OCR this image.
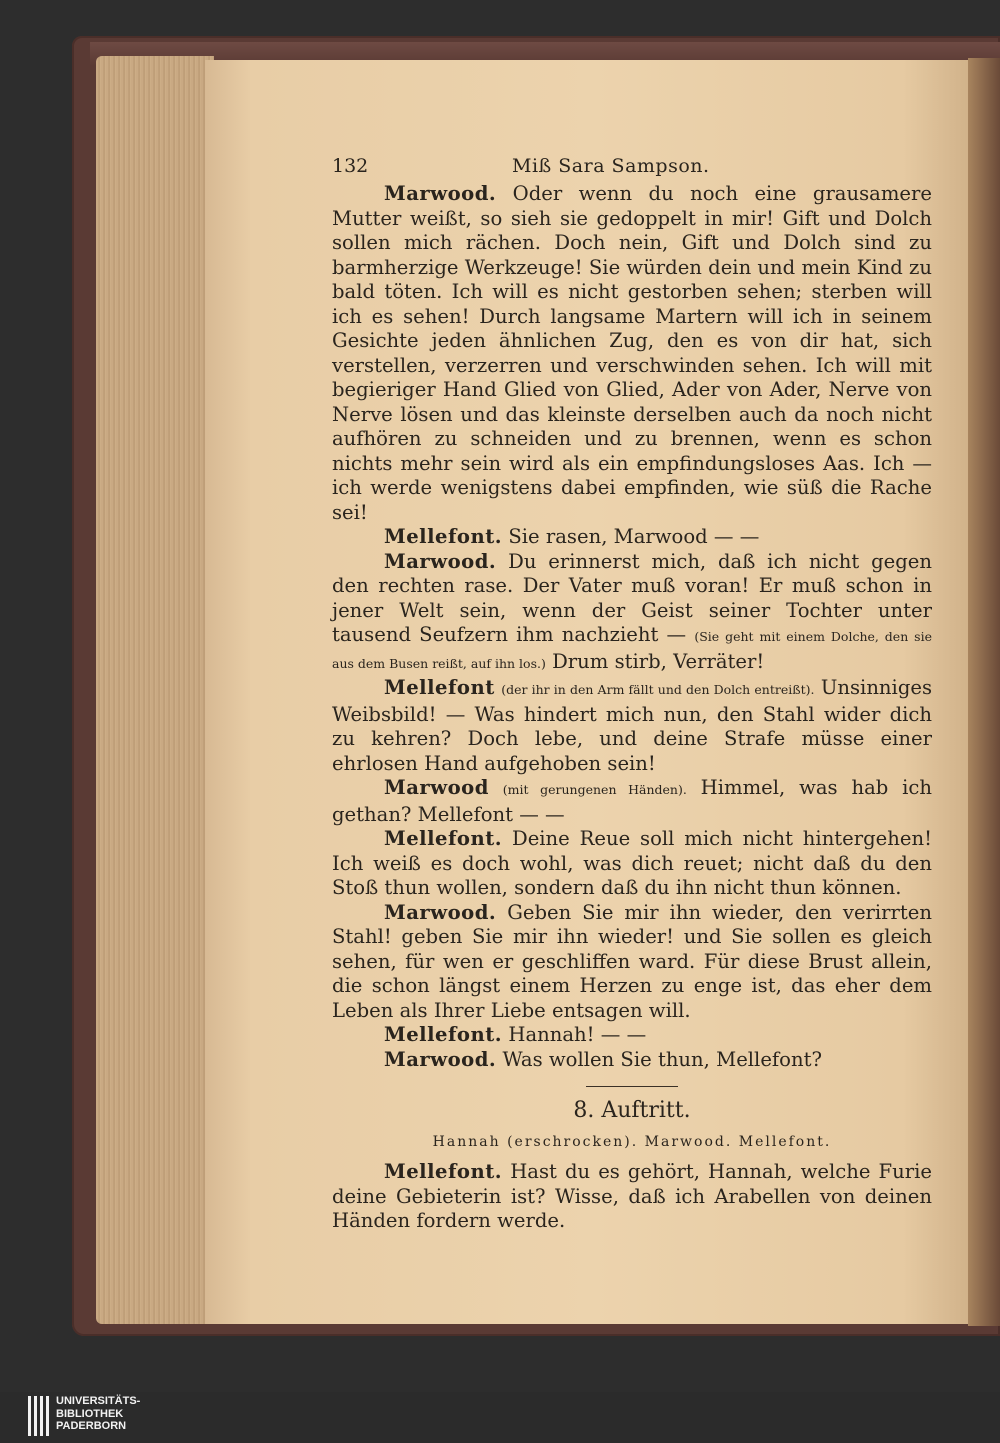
132	Miß Sara Sampson.

Marwood. Oder wenn du noch eine grausamere Mutter weißt, so sieh sie gedoppelt in mir! Gift und Dolch sollen mich rächen. Doch nein, Gift und Dolch sind zu barmherzige Werkzeuge! Sie würden dein und mein Kind zu bald töten. Ich will es nicht gestorben sehen; sterben will ich es sehen! Durch langsame Martern will ich in seinem Gesichte jeden ähnlichen Zug, den es von dir hat, sich verstellen, verzerren und verschwinden sehen. Ich will mit begieriger Hand Glied von Glied, Ader von Ader, Nerve von Nerve lösen und das kleinste derselben auch da noch nicht aufhören zu schneiden und zu brennen, wenn es schon nichts mehr sein wird als ein empfindungsloses Aas. Ich — ich werde wenigstens dabei empfinden, wie süß die Rache sei!

Mellefont. Sie rasen, Marwood — —

Marwood. Du erinnerst mich, daß ich nicht gegen den rechten rase. Der Vater muß voran! Er muß schon in jener Welt sein, wenn der Geist seiner Tochter unter tausend Seufzern ihm nachzieht — (Sie geht mit einem Dolche, den sie aus dem Busen reißt, auf ihn los.) Drum stirb, Verräter!

Mellefont (der ihr in den Arm fällt und den Dolch entreißt). Unsinniges Weibsbild! — Was hindert mich nun, den Stahl wider dich zu kehren? Doch lebe, und deine Strafe müsse einer ehrlosen Hand aufgehoben sein!

Marwood (mit gerungenen Händen). Himmel, was hab ich gethan? Mellefont — —

Mellefont. Deine Reue soll mich nicht hintergehen! Ich weiß es doch wohl, was dich reuet; nicht daß du den Stoß thun wollen, sondern daß du ihn nicht thun können.

Marwood. Geben Sie mir ihn wieder, den verirrten Stahl! geben Sie mir ihn wieder! und Sie sollen es gleich sehen, für wen er geschliffen ward. Für diese Brust allein, die schon längst einem Herzen zu enge ist, das eher dem Leben als Ihrer Liebe entsagen will.

Mellefont. Hannah! — —

Marwood. Was wollen Sie thun, Mellefont?

8. Auftritt.
Hannah (erschrocken). Marwood. Mellefont.

Mellefont. Hast du es gehört, Hannah, welche Furie deine Gebieterin ist? Wisse, daß ich Arabellen von deinen Händen fordern werde.

UNIVERSITÄTS-
BIBLIOTHEK
PADERBORN
